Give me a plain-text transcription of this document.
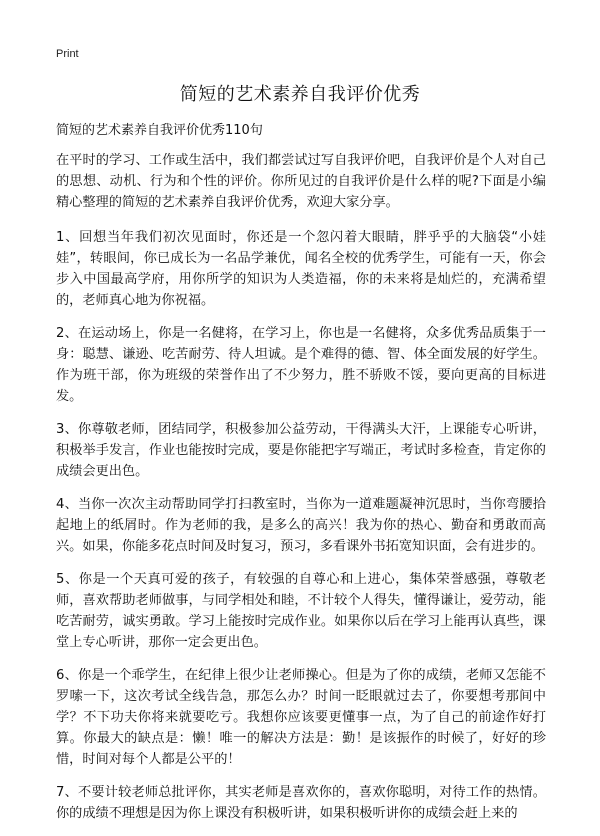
Print
简短的艺术素养自我评价优秀
简短的艺术素养自我评价优秀110句

在平时的学习、工作或生活中，我们都尝试过写自我评价吧，自我评价是个人对自己的思想、动机、行为和个性的评价。你所见过的自我评价是什么样的呢?下面是小编精心整理的简短的艺术素养自我评价优秀，欢迎大家分享。

1、回想当年我们初次见面时，你还是一个忽闪着大眼睛，胖乎乎的大脑袋“小娃娃”，转眼间，你已成长为一名品学兼优，闻名全校的优秀学生，可能有一天，你会步入中国最高学府，用你所学的知识为人类造福，你的未来将是灿烂的，充满希望的，老师真心地为你祝福。

2、在运动场上，你是一名健将，在学习上，你也是一名健将，众多优秀品质集于一身：聪慧、谦逊、吃苦耐劳、待人坦诚。是个难得的德、智、体全面发展的好学生。作为班干部，你为班级的荣誉作出了不少努力，胜不骄败不馁，要向更高的目标进发。

3、你尊敬老师，团结同学，积极参加公益劳动，干得满头大汗，上课能专心听讲，积极举手发言，作业也能按时完成，要是你能把字写端正，考试时多检查，肯定你的成绩会更出色。

4、当你一次次主动帮助同学打扫教室时，当你为一道难题凝神沉思时，当你弯腰拾起地上的纸屑时。作为老师的我，是多么的高兴！我为你的热心、勤奋和勇敢而高兴。如果，你能多花点时间及时复习，预习，多看课外书拓宽知识面，会有进步的。

5、你是一个天真可爱的孩子，有较强的自尊心和上进心，集体荣誉感强，尊敬老师，喜欢帮助老师做事，与同学相处和睦，不计较个人得失，懂得谦让，爱劳动，能吃苦耐劳，诚实勇敢。学习上能按时完成作业。如果你以后在学习上能再认真些，课堂上专心听讲，那你一定会更出色。

6、你是一个乖学生，在纪律上很少让老师操心。但是为了你的成绩，老师又怎能不罗嗦一下，这次考试全线告急，那怎么办？时间一眨眼就过去了，你要想考那间中学？不下功夫你将来就要吃亏。我想你应该要更懂事一点，为了自己的前途作好打算。你最大的缺点是：懒！唯一的解决方法是：勤！是该振作的时候了，好好的珍惜，时间对每个人都是公平的！

7、不要计较老师总批评你，其实老师是喜欢你的，喜欢你聪明，对待工作的热情。你的成绩不理想是因为你上课没有积极听讲，如果积极听讲你的成绩会赶上来的
